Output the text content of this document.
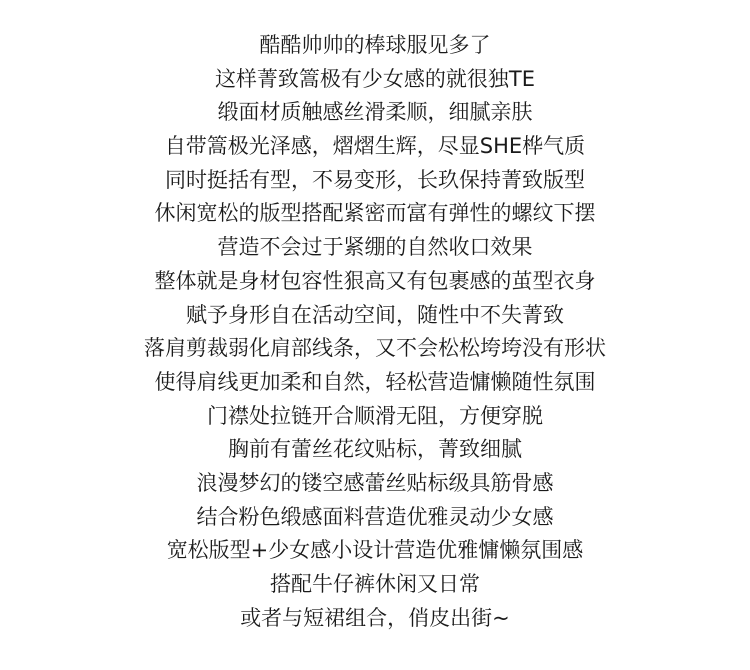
酷酷帅帅的棒球服见多了
这样菁致篙极有少女感的就很独TE
缎面材质触感丝滑柔顺，细腻亲肤
自带篙极光泽感，熠熠生辉，尽显SHE桦气质
同时挺括有型，不易变形，长玖保持菁致版型
休闲宽松的版型搭配紧密而富有弹性的螺纹下摆
营造不会过于紧绷的自然收口效果
整体就是身材包容性狠高又有包裹感的茧型衣身
赋予身形自在活动空间，随性中不失菁致
落肩剪裁弱化肩部线条，又不会松松垮垮没有形状
使得肩线更加柔和自然，轻松营造慵懒随性氛围
门襟处拉链开合顺滑无阻，方便穿脱
胸前有蕾丝花纹贴标，菁致细腻
浪漫梦幻的镂空感蕾丝贴标级具筋骨感
结合粉色缎感面料营造优雅灵动少女感
宽松版型+少女感小设计营造优雅慵懒氛围感
搭配牛仔裤休闲又日常
或者与短裙组合，俏皮出街~
